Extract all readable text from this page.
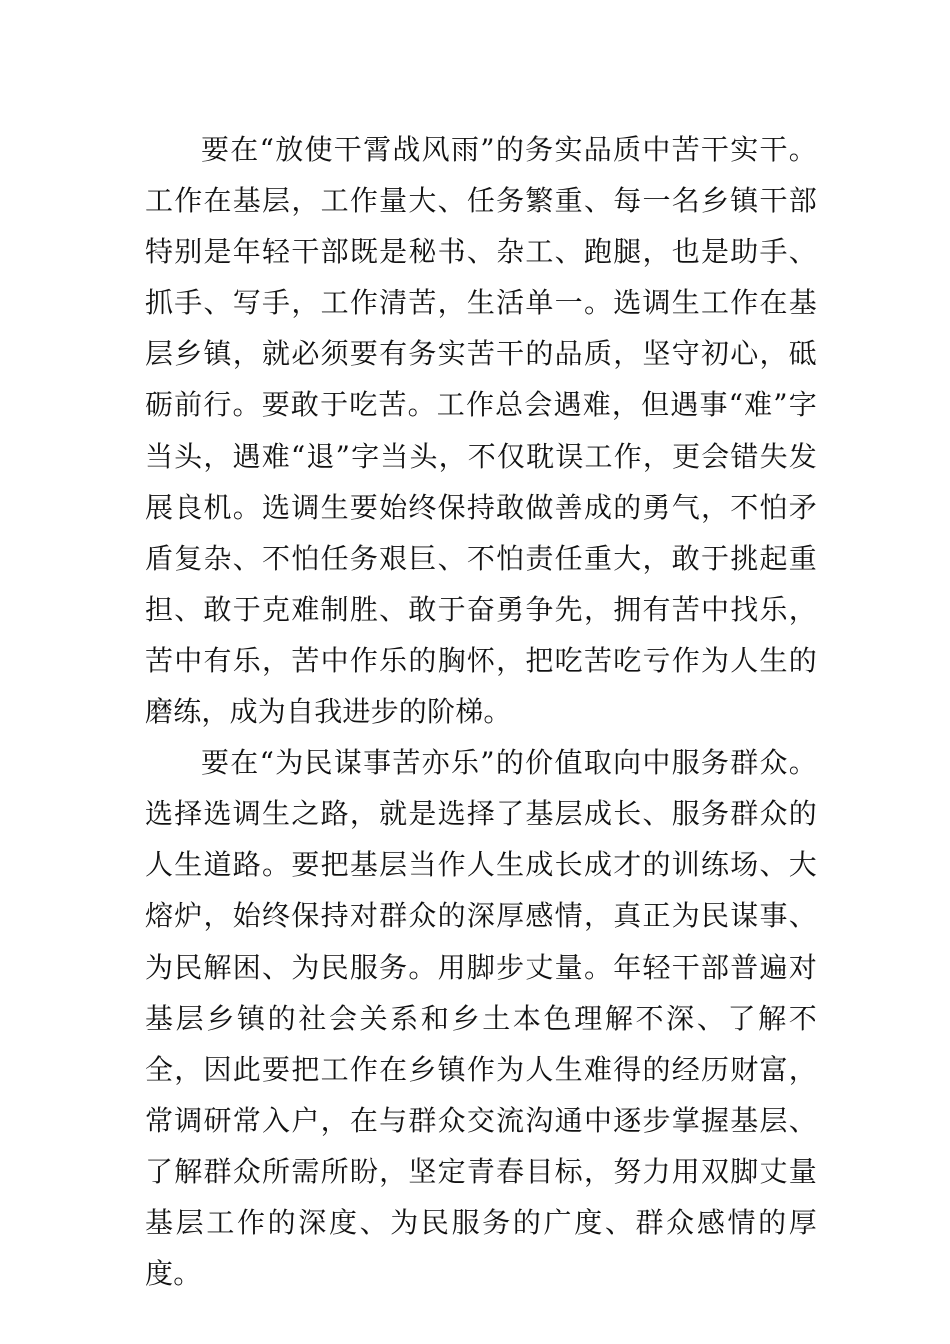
要在“放使干霄战风雨”的务实品质中苦干实干。工作在基层，工作量大、任务繁重、每一名乡镇干部特别是年轻干部既是秘书、杂工、跑腿，也是助手、抓手、写手，工作清苦，生活单一。选调生工作在基层乡镇，就必须要有务实苦干的品质，坚守初心，砥砺前行。要敢于吃苦。工作总会遇难，但遇事“难”字当头，遇难“退”字当头，不仅耽误工作，更会错失发展良机。选调生要始终保持敢做善成的勇气，不怕矛盾复杂、不怕任务艰巨、不怕责任重大，敢于挑起重担、敢于克难制胜、敢于奋勇争先，拥有苦中找乐，苦中有乐，苦中作乐的胸怀，把吃苦吃亏作为人生的磨练，成为自我进步的阶梯。

要在“为民谋事苦亦乐”的价值取向中服务群众。选择选调生之路，就是选择了基层成长、服务群众的人生道路。要把基层当作人生成长成才的训练场、大熔炉，始终保持对群众的深厚感情，真正为民谋事、为民解困、为民服务。用脚步丈量。年轻干部普遍对基层乡镇的社会关系和乡土本色理解不深、了解不全，因此要把工作在乡镇作为人生难得的经历财富，常调研常入户，在与群众交流沟通中逐步掌握基层、了解群众所需所盼，坚定青春目标，努力用双脚丈量基层工作的深度、为民服务的广度、群众感情的厚度。
